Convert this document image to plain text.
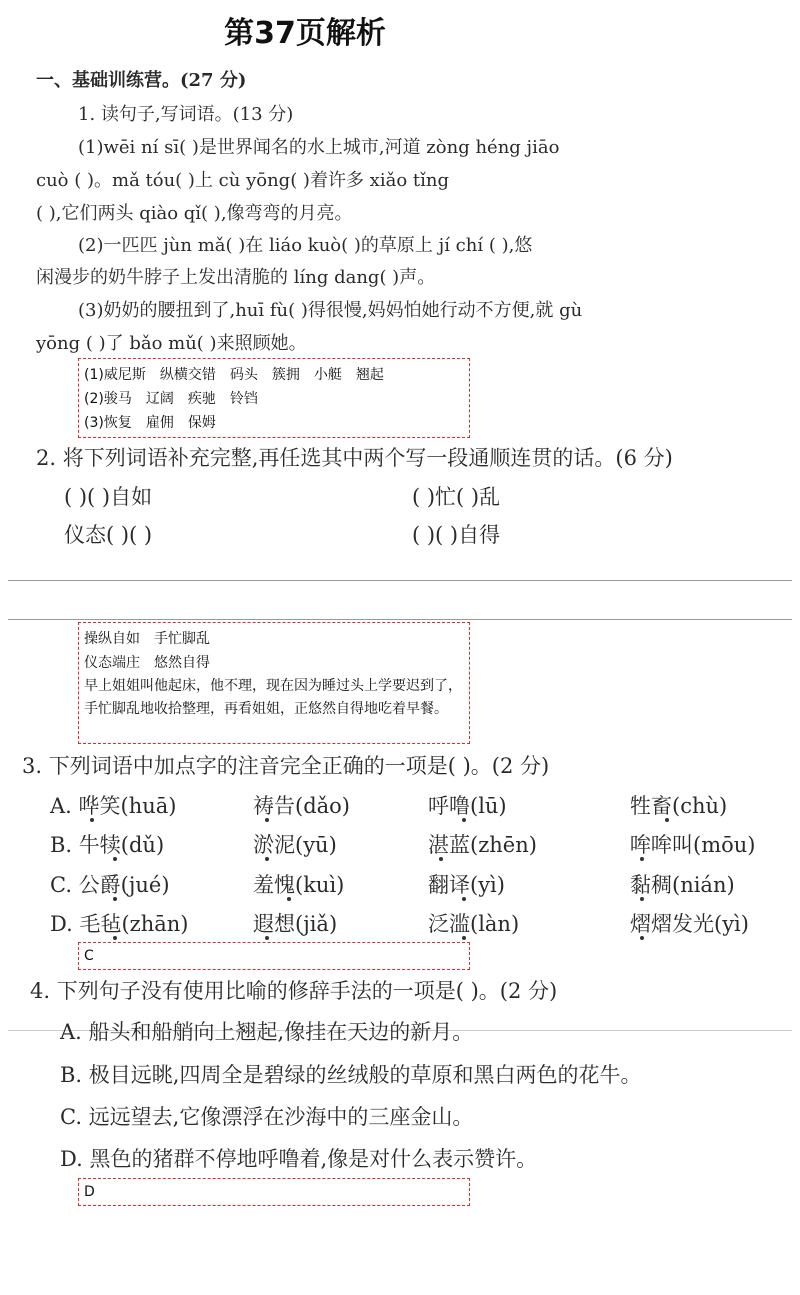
第37页解析
一、基础训练营。(27 分)
1. 读句子,写词语。(13 分)
(1)wēi ní sī( )是世界闻名的水上城市,河道 zòng héng jiāo
cuò ( )。mǎ tóu( )上 cù yōng( )着许多 xiǎo tǐng
( ),它们两头 qiào qǐ( ),像弯弯的月亮。
(2)一匹匹 jùn mǎ( )在 liáo kuò( )的草原上 jí chí ( ),悠
闲漫步的奶牛脖子上发出清脆的 líng dang( )声。
(3)奶奶的腰扭到了,huī fù( )得很慢,妈妈怕她行动不方便,就 gù
yōng ( )了 bǎo mǔ( )来照顾她。
(1)威尼斯　纵横交错　码头　簇拥　小艇　翘起
(2)骏马　辽阔　疾驰　铃铛
(3)恢复　雇佣　保姆
2. 将下列词语补充完整,再任选其中两个写一段通顺连贯的话。(6 分)
( )( )自如	( )忙( )乱
仪态( )( )	( )( )自得
操纵自如　手忙脚乱
仪态端庄　悠然自得
早上姐姐叫他起床，他不理，现在因为睡过头上学要迟到了，手忙脚乱地收拾整理，再看姐姐，正悠然自得地吃着早餐。
3. 下列词语中加点字的注音完全正确的一项是( )。(2 分)
A. 哗笑(huā)	祷告(dǎo)	呼噜(lū)	牲畜(chù)
B. 牛犊(dǔ)	淤泥(yū)	湛蓝(zhēn)	哞哞叫(mōu)
C. 公爵(jué)	羞愧(kuì)	翻译(yì)	黏稠(nián)
D. 毛毡(zhān)	遐想(jiǎ)	泛滥(làn)	熠熠发光(yì)
C
4. 下列句子没有使用比喻的修辞手法的一项是( )。(2 分)
A. 船头和船艄向上翘起,像挂在天边的新月。
B. 极目远眺,四周全是碧绿的丝绒般的草原和黑白两色的花牛。
C. 远远望去,它像漂浮在沙海中的三座金山。
D. 黑色的猪群不停地呼噜着,像是对什么表示赞许。
D
